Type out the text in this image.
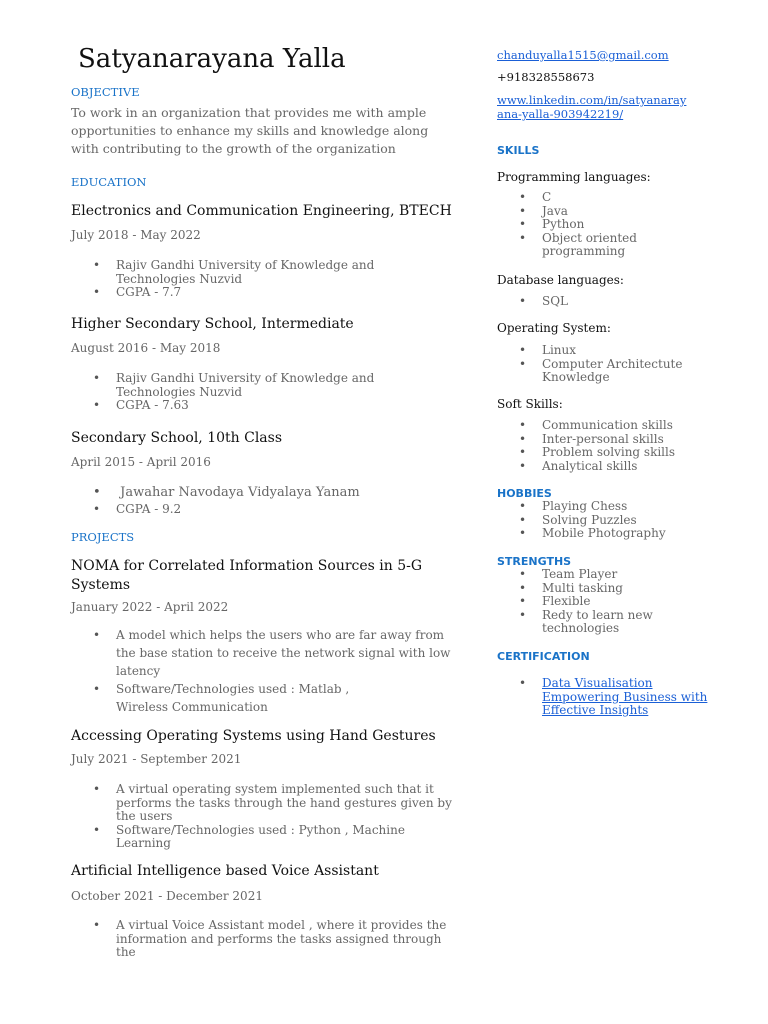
Satyanarayana Yalla
OBJECTIVE
To work in an organization that provides me with ample opportunities to enhance my skills and knowledge along with contributing to the growth of the organization
EDUCATION
Electronics and Communication Engineering, BTECH
July 2018 - May 2022
• Rajiv Gandhi University of Knowledge and Technologies Nuzvid
• CGPA - 7.7
Higher Secondary School, Intermediate
August 2016 - May 2018
• Rajiv Gandhi University of Knowledge and Technologies Nuzvid
• CGPA - 7.63
Secondary School, 10th Class
April 2015 - April 2016
•  Jawahar Navodaya Vidyalaya Yanam
• CGPA - 9.2
PROJECTS
NOMA for Correlated Information Sources in 5-G Systems
January 2022 - April 2022
• A model which helps the users who are far away from the base station to receive the network signal with low latency
• Software/Technologies used : Matlab , Wireless Communication
Accessing Operating Systems using Hand Gestures
July 2021 - September 2021
• A virtual operating system implemented such that it performs the tasks through the hand gestures given by the users
• Software/Technologies used : Python , Machine Learning
Artificial Intelligence based Voice Assistant
October 2021 - December 2021
• A virtual Voice Assistant model , where it provides the information and performs the tasks assigned through the
chanduyalla1515@gmail.com
+918328558673
www.linkedin.com/in/satyanarayana-yalla-903942219/
SKILLS
Programming languages:
• C
• Java
• Python
• Object oriented programming
Database languages:
• SQL
Operating System:
• Linux
• Computer Architectute Knowledge
Soft Skills:
• Communication skills
• Inter-personal skills
• Problem solving skills
• Analytical skills
HOBBIES
• Playing Chess
• Solving Puzzles
• Mobile Photography
STRENGTHS
• Team Player
• Multi tasking
• Flexible
• Redy to learn new technologies
CERTIFICATION
• Data Visualisation Empowering Business with Effective Insights
